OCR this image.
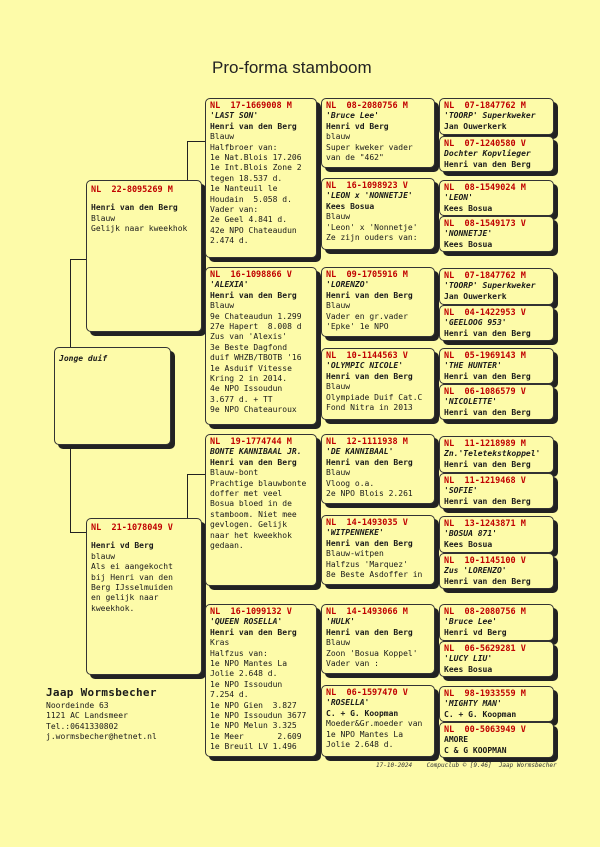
Pro-forma stamboom
Jonge duif
NL  22-8095269 M
Henri van den Berg
Blauw
Gelijk naar kweekhok
NL  21-1078049 V
Henri vd Berg
blauw
Als ei aangekocht
bij Henri van den
Berg IJsselmuiden
en gelijk naar
kweekhok.
NL  17-1669008 M
'LAST SON'
Henri van den Berg
Blauw
Halfbroer van:
1e Nat.Blois 17.206
1e Int.Blois Zone 2
tegen 18.537 d.
1e Nanteuil le
Houdain  5.058 d.
Vader van:
2e Geel 4.841 d.
42e NPO Chateaudun
2.474 d.
NL  16-1098866 V
'ALEXIA'
Henri van den Berg
Blauw
9e Chateaudun 1.299
27e Hapert  8.008 d
Zus van 'Alexis'
3e Beste Dagfond
duif WHZB/TBOTB '16
1e Asduif Vitesse
Kring 2 in 2014.
4e NPO Issoudun
3.677 d. + TT
9e NPO Chateauroux
NL  19-1774744 M
BONTE KANNIBAAL JR.
Henri van den Berg
Blauw-bont
Prachtige blauwbonte
doffer met veel
Bosua bloed in de
stamboom. Niet mee
gevlogen. Gelijk
naar het kweekhok
gedaan.
NL  16-1099132 V
'QUEEN ROSELLA'
Henri van den Berg
Kras
Halfzus van:
1e NPO Mantes La
Jolie 2.648 d.
1e NPO Issoudun
7.254 d.
1e NPO Gien  3.827
1e NPO Issoudun 3677
1e NPO Melun 3.325
1e Meer       2.609
1e Breuil LV 1.496
NL  08-2080756 M
'Bruce Lee'
Henri vd Berg
blauw
Super kweker vader
van de "462"
NL  16-1098923 V
'LEON x 'NONNETJE'
Kees Bosua
Blauw
'Leon' x 'Nonnetje'
Ze zijn ouders van:
NL  09-1705916 M
'LORENZO'
Henri van den Berg
Blauw
Vader en gr.vader
'Epke' 1e NPO
NL  10-1144563 V
'OLYMPIC NICOLE'
Henri van den Berg
Blauw
Olympiade Duif Cat.C
Fond Nitra in 2013
NL  12-1111938 M
'DE KANNIBAAL'
Henri van den Berg
Blauw
Vloog o.a.
2e NPO Blois 2.261
NL  14-1493035 V
'WITPENNEKE'
Henri van den Berg
Blauw-witpen
Halfzus 'Marquez'
8e Beste Asdoffer in
NL  14-1493066 M
'HULK'
Henri van den Berg
Blauw
Zoon 'Bosua Koppel'
Vader van :
NL  06-1597470 V
'ROSELLA'
C. + G. Koopman
Moeder&Gr.moeder van
1e NPO Mantes La
Jolie 2.648 d.
NL  07-1847762 M
'TOORP' Superkweker
Jan Ouwerkerk
NL  07-1240580 V
Dochter Kopvlieger
Henri van den Berg
NL  08-1549024 M
'LEON'
Kees Bosua
NL  08-1549173 V
'NONNETJE'
Kees Bosua
NL  07-1847762 M
'TOORP' Superkweker
Jan Ouwerkerk
NL  04-1422953 V
'GEELOOG 953'
Henri van den Berg
NL  05-1969143 M
'THE HUNTER'
Henri van den Berg
NL  06-1086579 V
'NICOLETTE'
Henri van den Berg
NL  11-1218989 M
Zn.'Teletekstkoppel'
Henri van den Berg
NL  11-1219468 V
'SOFIE'
Henri van den Berg
NL  13-1243871 M
'BOSUA 871'
Kees Bosua
NL  10-1145100 V
Zus 'LORENZO'
Henri van den Berg
NL  08-2080756 M
'Bruce Lee'
Henri vd Berg
NL  06-5629281 V
'LUCY LIU'
Kees Bosua
NL  98-1933559 M
'MIGHTY MAN'
C. + G. Koopman
NL  00-5063949 V
AMORE
C & G KOOPMAN
Jaap Wormsbecher
Noordeinde 63
1121 AC Landsmeer
Tel.:0641330802
j.wormsbecher@hetnet.nl
17-10-2024    Compuclub © [9.46]  Jaap Wormsbecher
